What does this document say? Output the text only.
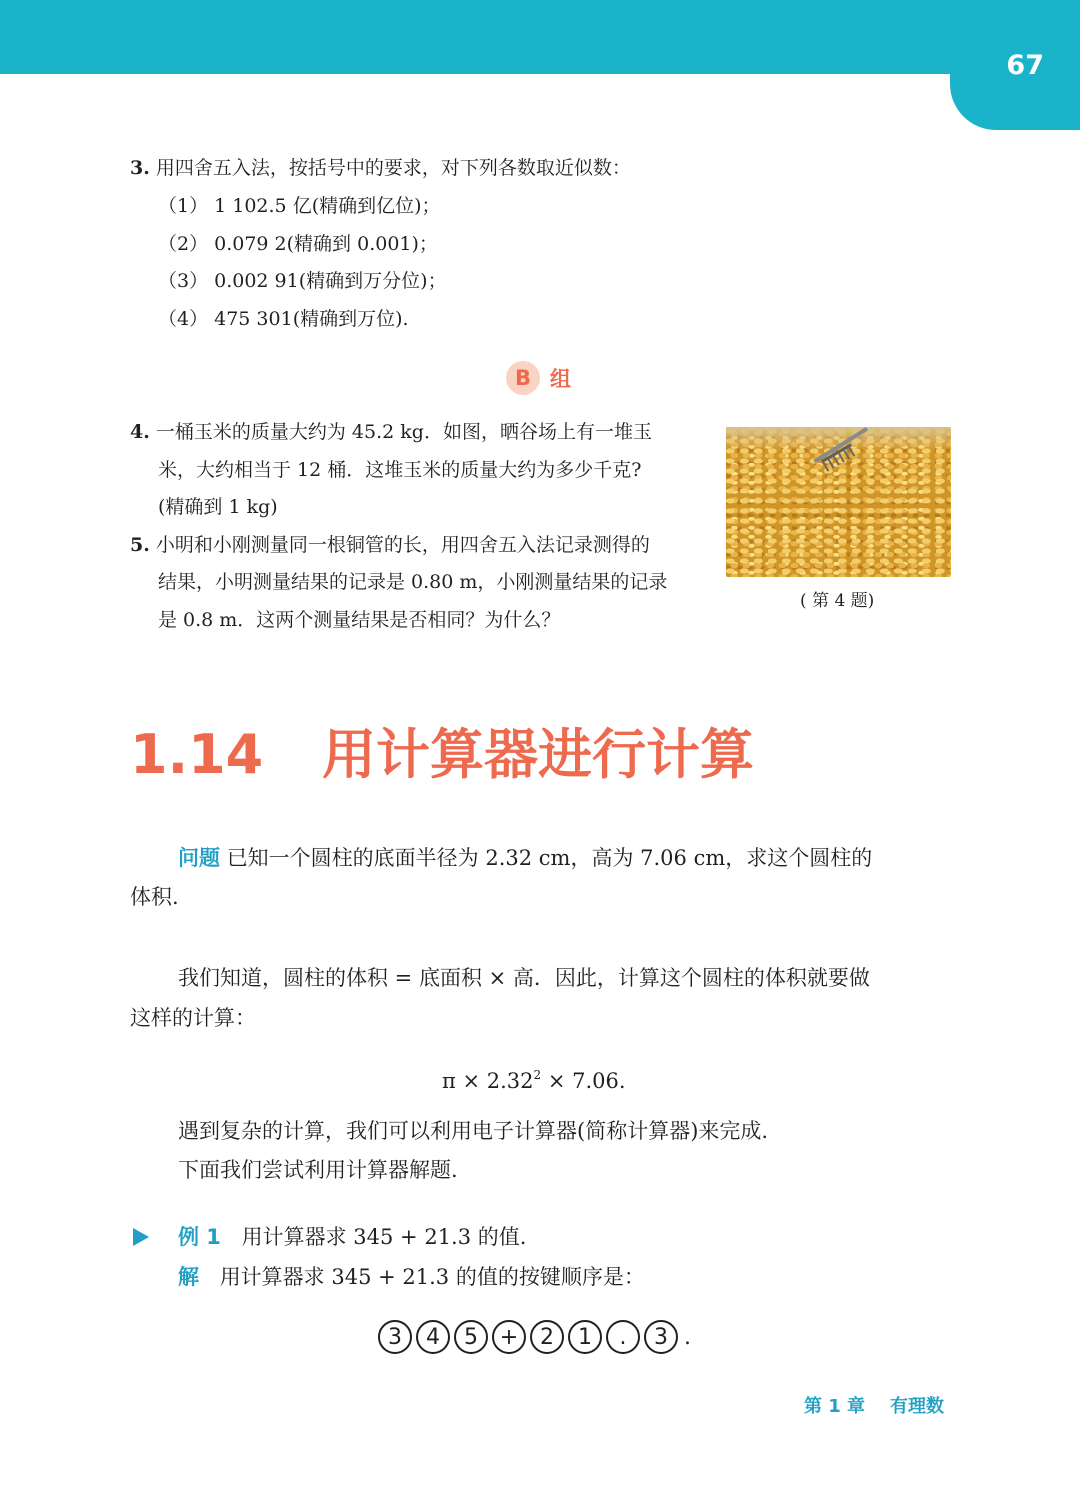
67
3. 用四舍五入法，按括号中的要求，对下列各数取近似数：
（1） 1 102.5 亿(精确到亿位)；
（2） 0.079 2(精确到 0.001)；
（3） 0.002 91(精确到万分位)；
（4） 475 301(精确到万位).
B 组
4. 一桶玉米的质量大约为 45.2 kg．如图，晒谷场上有一堆玉
米，大约相当于 12 桶．这堆玉米的质量大约为多少千克?
(精确到 1 kg)
5. 小明和小刚测量同一根铜管的长，用四舍五入法记录测得的
结果，小明测量结果的记录是 0.80 m，小刚测量结果的记录
是 0.8 m．这两个测量结果是否相同？为什么？
( 第 4 题)
1.14 用计算器进行计算
问题 已知一个圆柱的底面半径为 2.32 cm，高为 7.06 cm，求这个圆柱的
体积.
我们知道，圆柱的体积 = 底面积 × 高．因此，计算这个圆柱的体积就要做
这样的计算：
$\pi \times 2.32^2 \times 7.06$.
遇到复杂的计算，我们可以利用电子计算器(简称计算器)来完成.
下面我们尝试利用计算器解题.
例 1 用计算器求 345 + 21.3 的值.
解 用计算器求 345 + 21.3 的值的按键顺序是：
3	4	5 + 2	1	.	3 .
第 1 章 有理数
